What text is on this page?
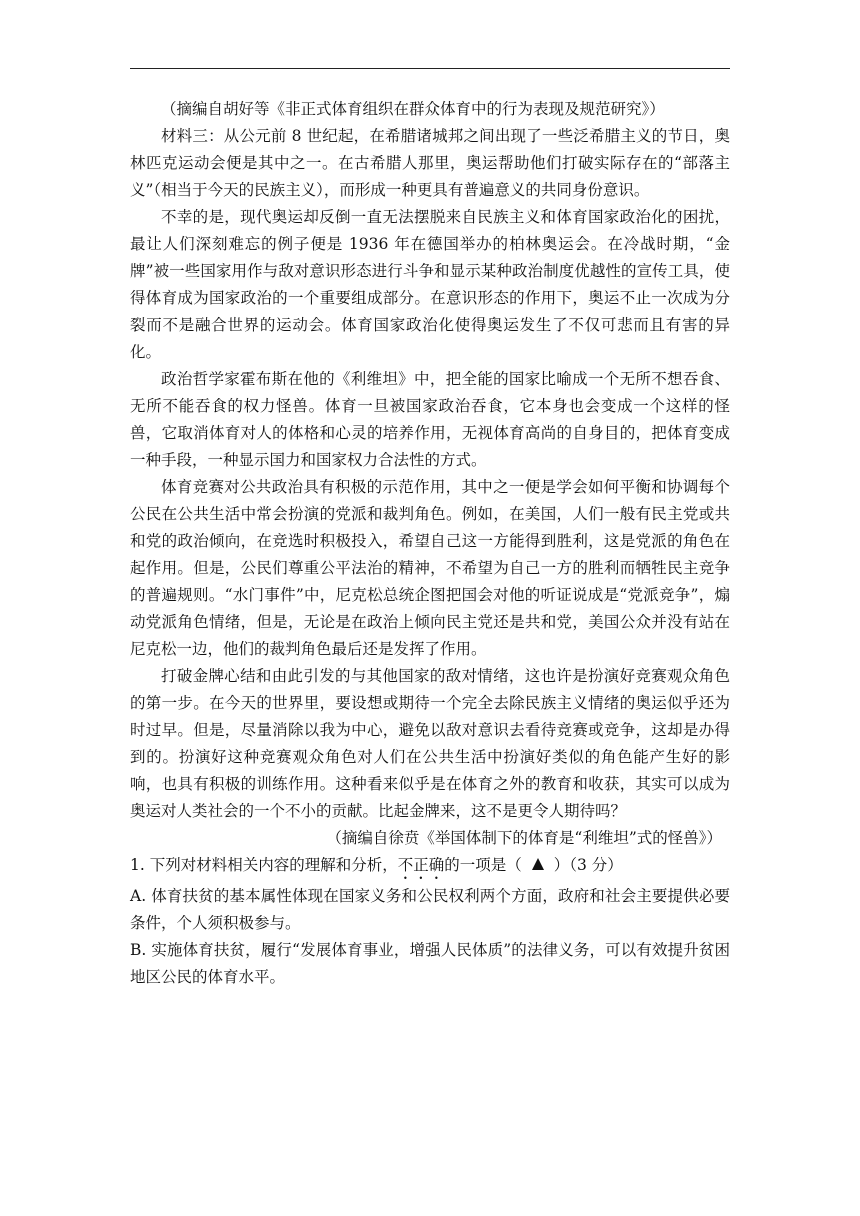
（摘编自胡好等《非正式体育组织在群众体育中的行为表现及规范研究》）

材料三：从公元前 8 世纪起，在希腊诸城邦之间出现了一些泛希腊主义的节日，奥林匹克运动会便是其中之一。在古希腊人那里，奥运帮助他们打破实际存在的“部落主义”（相当于今天的民族主义），而形成一种更具有普遍意义的共同身份意识。

不幸的是，现代奥运却反倒一直无法摆脱来自民族主义和体育国家政治化的困扰，最让人们深刻难忘的例子便是 1936 年在德国举办的柏林奥运会。在冷战时期，“金牌”被一些国家用作与敌对意识形态进行斗争和显示某种政治制度优越性的宣传工具，使得体育成为国家政治的一个重要组成部分。在意识形态的作用下，奥运不止一次成为分裂而不是融合世界的运动会。体育国家政治化使得奥运发生了不仅可悲而且有害的异化。

政治哲学家霍布斯在他的《利维坦》中，把全能的国家比喻成一个无所不想吞食、无所不能吞食的权力怪兽。体育一旦被国家政治吞食，它本身也会变成一个这样的怪兽，它取消体育对人的体格和心灵的培养作用，无视体育高尚的自身目的，把体育变成一种手段，一种显示国力和国家权力合法性的方式。

体育竞赛对公共政治具有积极的示范作用，其中之一便是学会如何平衡和协调每个公民在公共生活中常会扮演的党派和裁判角色。例如，在美国，人们一般有民主党或共和党的政治倾向，在竞选时积极投入，希望自己这一方能得到胜利，这是党派的角色在起作用。但是，公民们尊重公平法治的精神，不希望为自己一方的胜利而牺牲民主竞争的普遍规则。“水门事件”中，尼克松总统企图把国会对他的听证说成是“党派竞争”，煽动党派角色情绪，但是，无论是在政治上倾向民主党还是共和党，美国公众并没有站在尼克松一边，他们的裁判角色最后还是发挥了作用。

打破金牌心结和由此引发的与其他国家的敌对情绪，这也许是扮演好竞赛观众角色的第一步。在今天的世界里，要设想或期待一个完全去除民族主义情绪的奥运似乎还为时过早。但是，尽量消除以我为中心，避免以敌对意识去看待竞赛或竞争，这却是办得到的。扮演好这种竞赛观众角色对人们在公共生活中扮演好类似的角色能产生好的影响，也具有积极的训练作用。这种看来似乎是在体育之外的教育和收获，其实可以成为奥运对人类社会的一个不小的贡献。比起金牌来，这不是更令人期待吗？

（摘编自徐贲《举国体制下的体育是“利维坦”式的怪兽》）

1. 下列对材料相关内容的理解和分析，不正确的一项是（ ）（3 分）

A. 体育扶贫的基本属性体现在国家义务和公民权利两个方面，政府和社会主要提供必要条件，个人须积极参与。

B. 实施体育扶贫，履行“发展体育事业，增强人民体质”的法律义务，可以有效提升贫困地区公民的体育水平。
